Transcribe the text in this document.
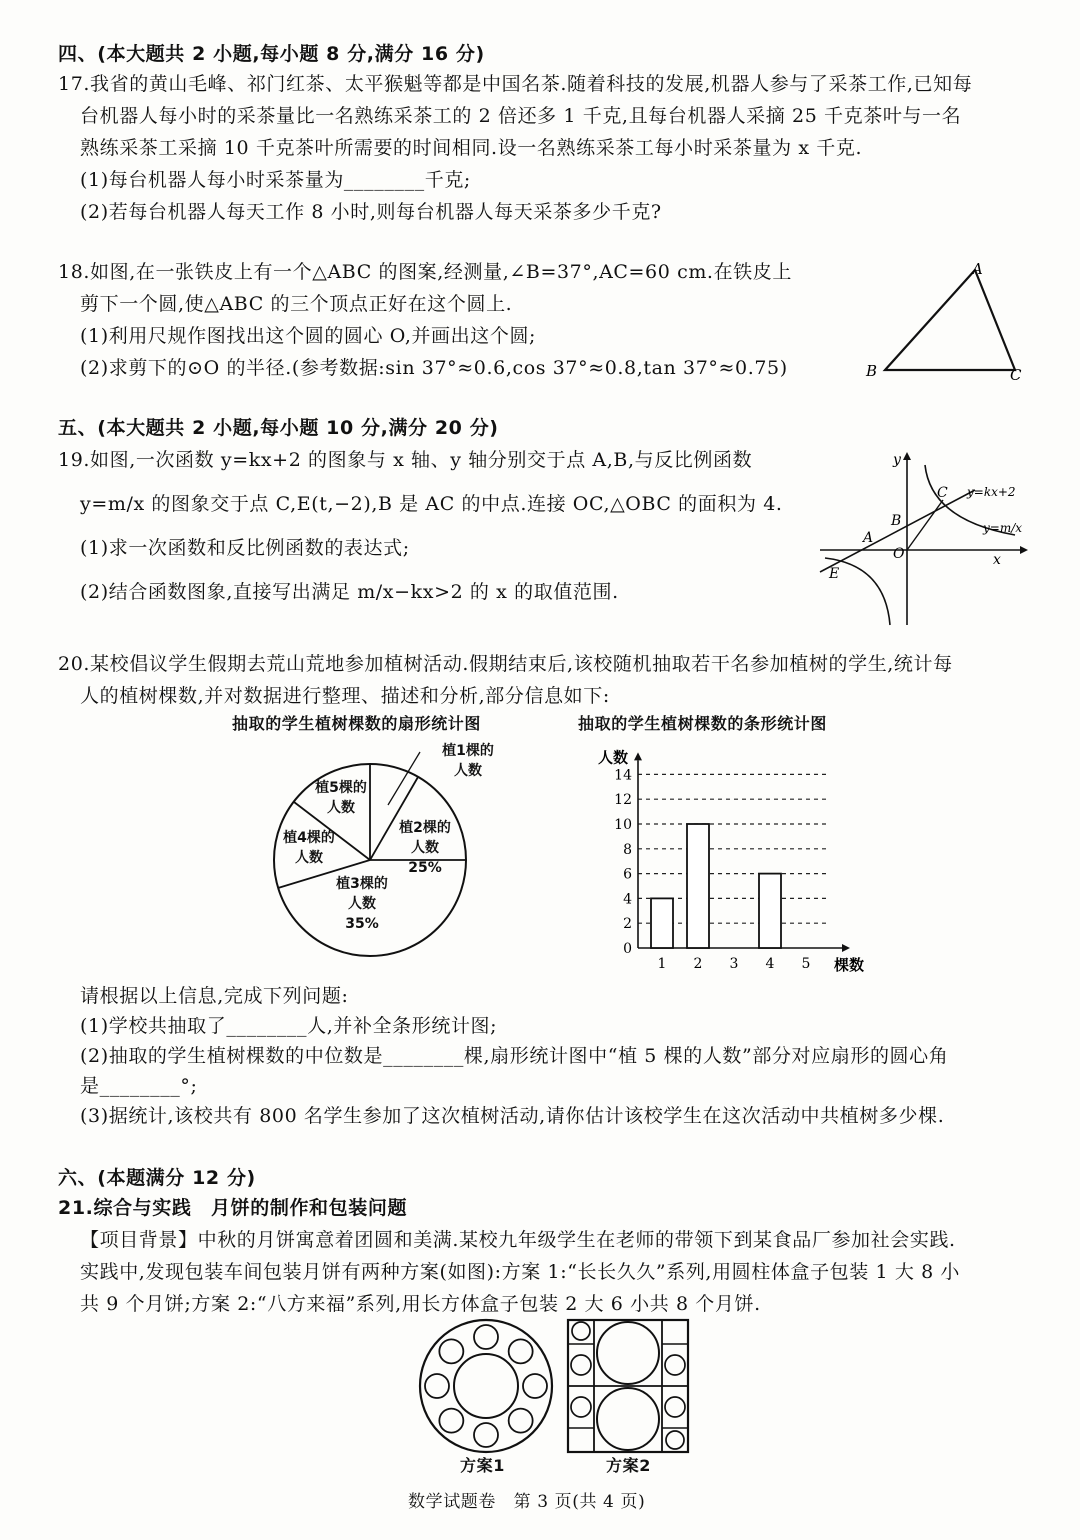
四、(本大题共 2 小题,每小题 8 分,满分 16 分)
17.我省的黄山毛峰、祁门红茶、太平猴魁等都是中国名茶.随着科技的发展,机器人参与了采茶工作,已知每
台机器人每小时的采茶量比一名熟练采茶工的 2 倍还多 1 千克,且每台机器人采摘 25 千克茶叶与一名
熟练采茶工采摘 10 千克茶叶所需要的时间相同.设一名熟练采茶工每小时采茶量为 x 千克.
(1)每台机器人每小时采茶量为________千克;
(2)若每台机器人每天工作 8 小时,则每台机器人每天采茶多少千克?
18.如图,在一张铁皮上有一个△ABC 的图案,经测量,∠B=37°,AC=60 cm.在铁皮上
剪下一个圆,使△ABC 的三个顶点正好在这个圆上.
(1)利用尺规作图找出这个圆的圆心 O,并画出这个圆;
(2)求剪下的⊙O 的半径.(参考数据:sin 37°≈0.6,cos 37°≈0.8,tan 37°≈0.75)
A
B	C
五、(本大题共 2 小题,每小题 10 分,满分 20 分)
19.如图,一次函数 y=kx+2 的图象与 x 轴、y 轴分别交于点 A,B,与反比例函数
y=m/x 的图象交于点 C,E(t,−2),B 是 AC 的中点.连接 OC,△OBC 的面积为 4.
(1)求一次函数和反比例函数的表达式;
(2)结合函数图象,直接写出满足 m/x−kx>2 的 x 的取值范围.
y
x
C
B
A
O
E
y=kx+2
y=m/x
20.某校倡议学生假期去荒山荒地参加植树活动.假期结束后,该校随机抽取若干名参加植树的学生,统计每
人的植树棵数,并对数据进行整理、描述和分析,部分信息如下:
抽取的学生植树棵数的扇形统计图	抽取的学生植树棵数的条形统计图
植1棵的人数
植2棵的人数
25%
植3棵的人数
35%
植4棵的人数
植5棵的人数
0
2
4
6
8
10
12
14
人数
棵数
1 2 3 4 5
请根据以上信息,完成下列问题:
(1)学校共抽取了________人,并补全条形统计图;
(2)抽取的学生植树棵数的中位数是________棵,扇形统计图中“植 5 棵的人数”部分对应扇形的圆心角
是________°;
(3)据统计,该校共有 800 名学生参加了这次植树活动,请你估计该校学生在这次活动中共植树多少棵.
六、(本题满分 12 分)
21.综合与实践　月饼的制作和包装问题
【项目背景】中秋的月饼寓意着团圆和美满.某校九年级学生在老师的带领下到某食品厂参加社会实践.
实践中,发现包装车间包装月饼有两种方案(如图):方案 1:“长长久久”系列,用圆柱体盒子包装 1 大 8 小
共 9 个月饼;方案 2:“八方来福”系列,用长方体盒子包装 2 大 6 小共 8 个月饼.
方案1	方案2
数学试题卷　第 3 页(共 4 页)
